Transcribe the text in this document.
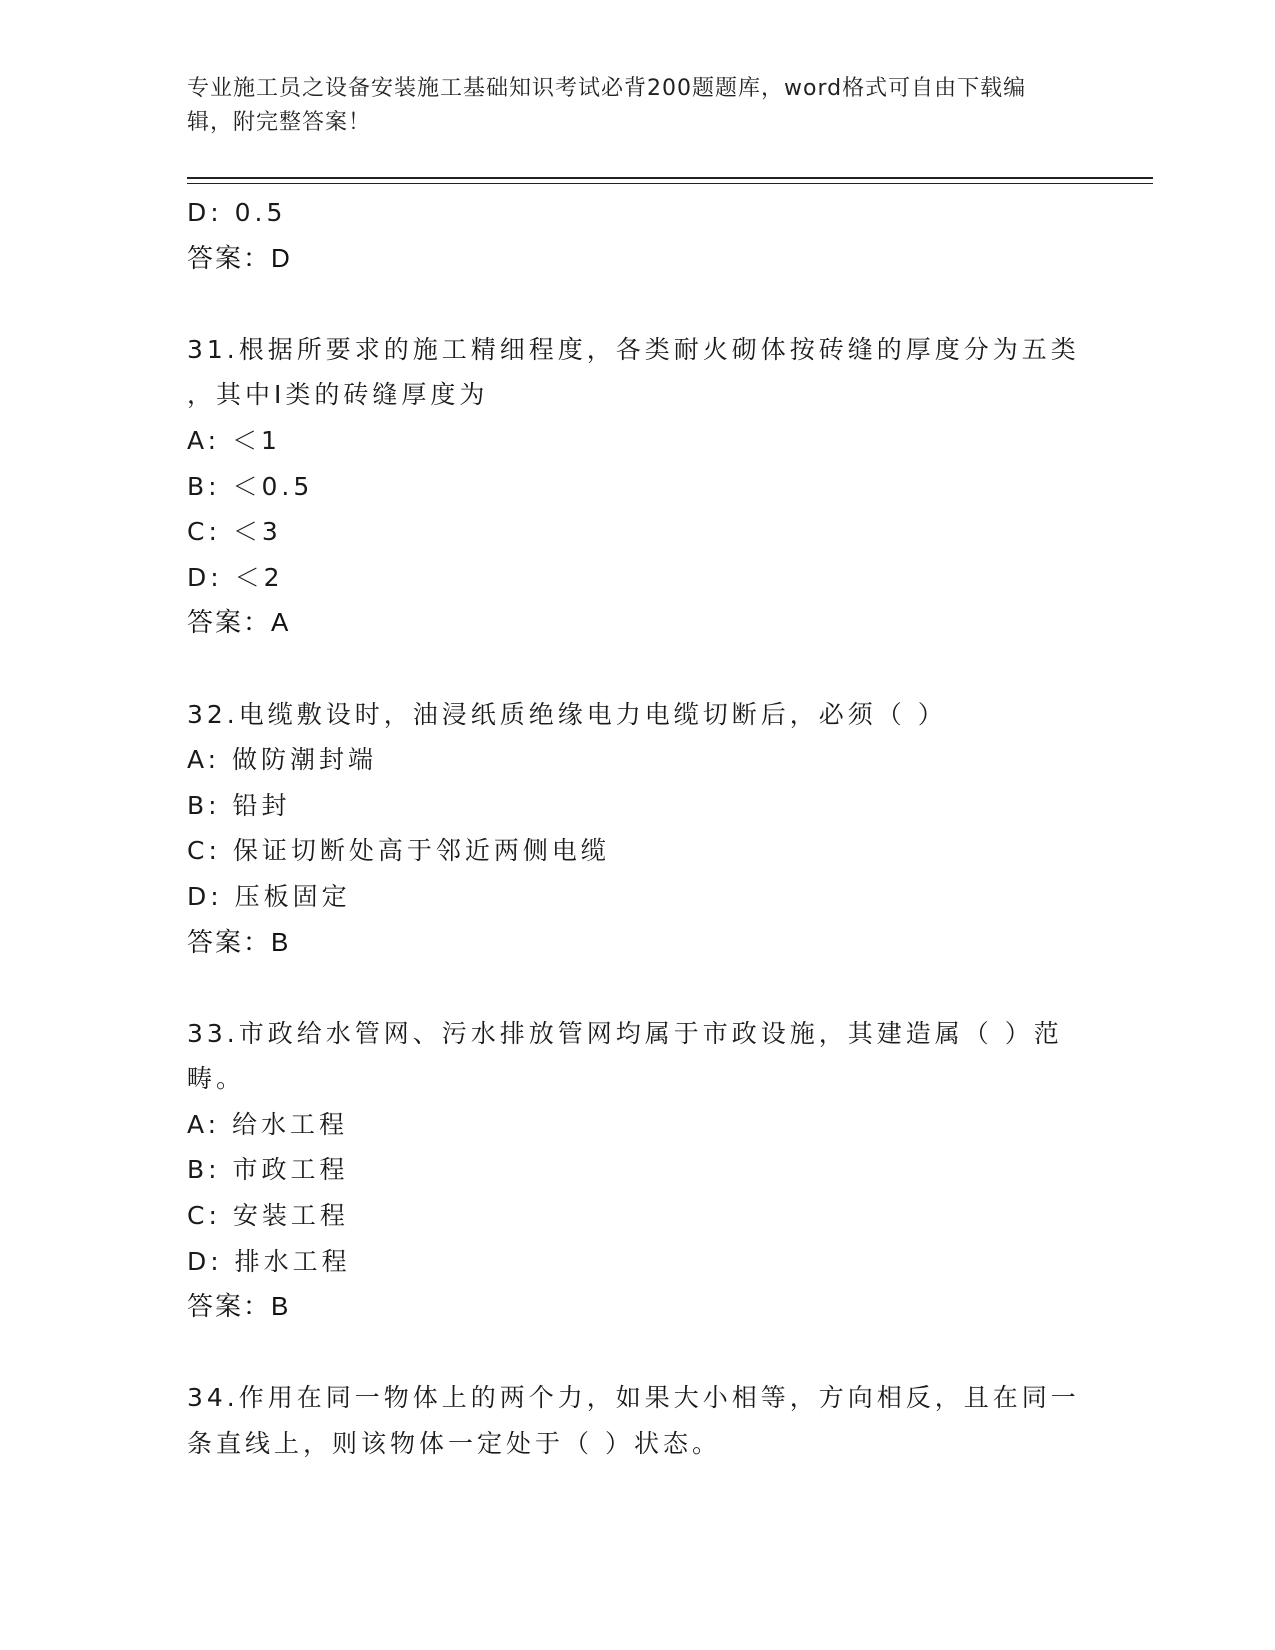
专业施工员之设备安装施工基础知识考试必背200题题库，word格式可自由下载编辑，附完整答案！
D: 0.5
答案：D
31.根据所要求的施工精细程度，各类耐火砌体按砖缝的厚度分为五类
，其中Ⅰ类的砖缝厚度为
A: ＜1
B: ＜0.5
C: ＜3
D: ＜2
答案：A
32.电缆敷设时，油浸纸质绝缘电力电缆切断后，必须（ ）
A: 做防潮封端
B: 铅封
C: 保证切断处高于邻近两侧电缆
D: 压板固定
答案：B
33.市政给水管网、污水排放管网均属于市政设施，其建造属（ ）范
畴。
A: 给水工程
B: 市政工程
C: 安装工程
D: 排水工程
答案：B
34.作用在同一物体上的两个力，如果大小相等，方向相反，且在同一
条直线上，则该物体一定处于（ ）状态。
